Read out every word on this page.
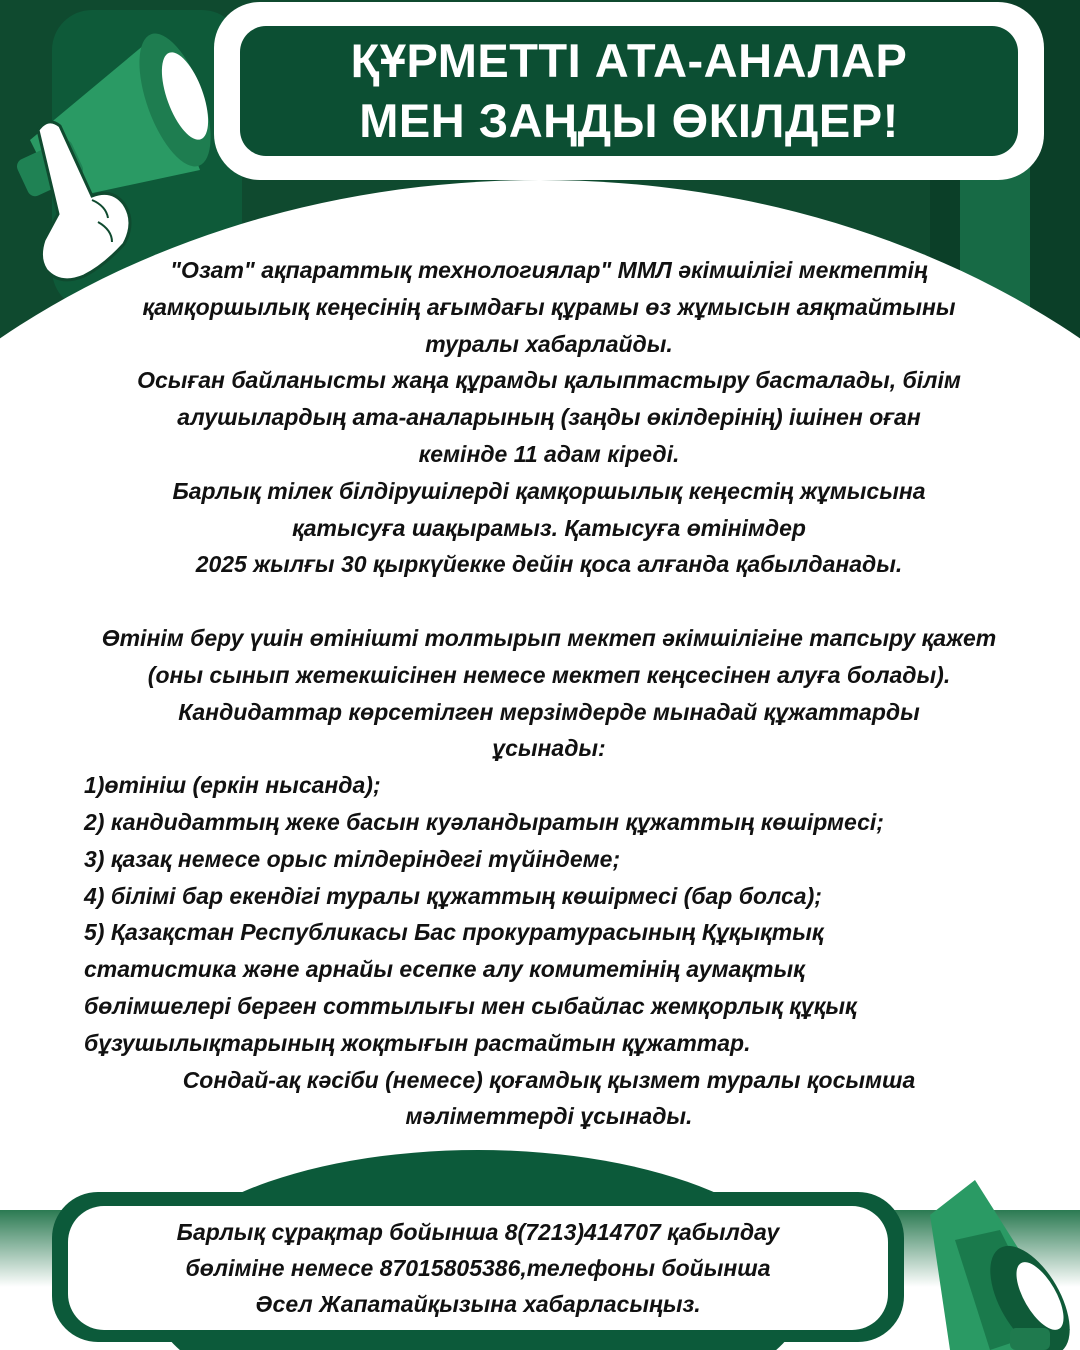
ҚҰРМЕТТІ АТА-АНАЛАР
МЕН ЗАҢДЫ ӨКІЛДЕР!

"Озат" ақпараттық технологиялар" ММЛ әкімшілігі мектептің

қамқоршылық кеңесінің ағымдағы құрамы өз жұмысын аяқтайтыны

туралы хабарлайды.

Осыған байланысты жаңа құрамды қалыптастыру басталады, білім

алушылардың ата-аналарының (заңды өкілдерінің) ішінен оған

кемінде 11 адам кіреді.

Барлық тілек білдірушілерді қамқоршылық кеңестің жұмысына

қатысуға шақырамыз. Қатысуға өтінімдер

2025 жылғы 30 қыркүйекке дейін қоса алғанда қабылданады.

Өтінім беру үшін өтінішті толтырып мектеп әкімшілігіне тапсыру қажет

(оны сынып жетекшісінен немесе мектеп кеңсесінен алуға болады).

Кандидаттар көрсетілген мерзімдерде мынадай құжаттарды

ұсынады:

1)өтініш (еркін нысанда);

2) кандидаттың жеке басын куәландыратын құжаттың көшірмесі;

3) қазақ немесе орыс тілдеріндегі түйіндеме;

4) білімі бар екендігі туралы құжаттың көшірмесі (бар болса);

5) Қазақстан Республикасы Бас прокуратурасының Құқықтық

статистика және арнайы есепке алу комитетінің аумақтық

бөлімшелері берген соттылығы мен сыбайлас жемқорлық құқық

бұзушылықтарының жоқтығын растайтын құжаттар.

Сондай-ақ кәсіби (немесе) қоғамдық қызмет туралы қосымша

мәліметтерді ұсынады.

Барлық сұрақтар бойынша 8(7213)414707 қабылдау
бөліміне немесе 87015805386,телефоны бойынша
Әсел Жапатайқызына хабарласыңыз.
